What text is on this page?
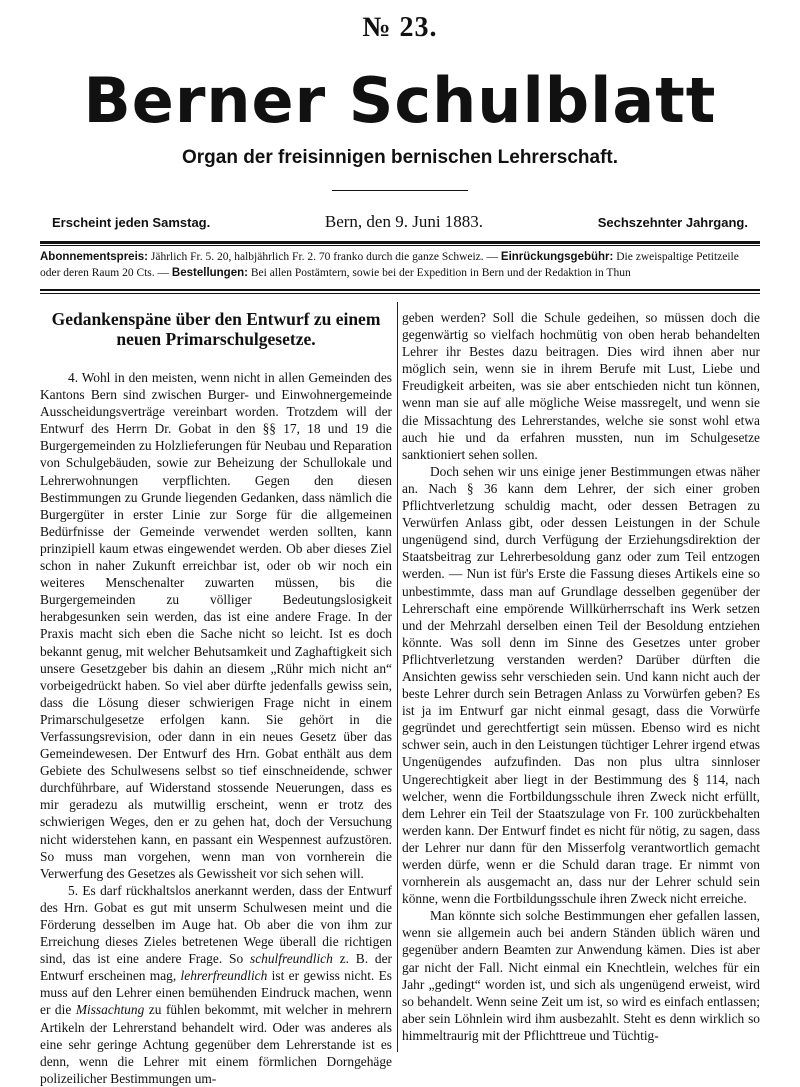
№ 23.
Berner Schulblatt
Organ der freisinnigen bernischen Lehrerschaft.
Erscheint jeden Samstag.	Bern, den 9. Juni 1883.	Sechszehnter Jahrgang.
Abonnementspreis: Jährlich Fr. 5. 20, halbjährlich Fr. 2. 70 franko durch die ganze Schweiz. — Einrückungsgebühr: Die zweispaltige Petitzeile oder deren Raum 20 Cts. — Bestellungen: Bei allen Postämtern, sowie bei der Expedition in Bern und der Redaktion in Thun
Gedankenspäne über den Entwurf zu einem
neuen Primarschulgesetze.

4. Wohl in den meisten, wenn nicht in allen Gemeinden des Kantons Bern sind zwischen Burger- und Einwohnergemeinde Ausscheidungsverträge vereinbart worden. Trotzdem will der Entwurf des Herrn Dr. Gobat in den §§ 17, 18 und 19 die Burgergemeinden zu Holzlieferungen für Neubau und Reparation von Schulgebäuden, sowie zur Beheizung der Schullokale und Lehrerwohnungen verpflichten. Gegen den diesen Bestimmungen zu Grunde liegenden Gedanken, dass nämlich die Burgergüter in erster Linie zur Sorge für die allgemeinen Bedürfnisse der Gemeinde verwendet werden sollten, kann prinzipiell kaum etwas eingewendet werden. Ob aber dieses Ziel schon in naher Zukunft erreichbar ist, oder ob wir noch ein weiteres Menschenalter zuwarten müssen, bis die Burgergemeinden zu völliger Bedeutungslosigkeit herabgesunken sein werden, das ist eine andere Frage. In der Praxis macht sich eben die Sache nicht so leicht. Ist es doch bekannt genug, mit welcher Behutsamkeit und Zaghaftigkeit sich unsere Gesetzgeber bis dahin an diesem „Rühr mich nicht an“ vorbeigedrückt haben. So viel aber dürfte jedenfalls gewiss sein, dass die Lösung dieser schwierigen Frage nicht in einem Primarschulgesetze erfolgen kann. Sie gehört in die Verfassungsrevision, oder dann in ein neues Gesetz über das Gemeindewesen. Der Entwurf des Hrn. Gobat enthält aus dem Gebiete des Schulwesens selbst so tief einschneidende, schwer durchführbare, auf Widerstand stossende Neuerungen, dass es mir geradezu als mutwillig erscheint, wenn er trotz des schwierigen Weges, den er zu gehen hat, doch der Versuchung nicht widerstehen kann, en passant ein Wespennest aufzustören. So muss man vorgehen, wenn man von vornherein die Verwerfung des Gesetzes als Gewissheit vor sich sehen will.

5. Es darf rückhaltslos anerkannt werden, dass der Entwurf des Hrn. Gobat es gut mit unserm Schulwesen meint und die Förderung desselben im Auge hat. Ob aber die von ihm zur Erreichung dieses Zieles betretenen Wege überall die richtigen sind, das ist eine andere Frage. So schulfreundlich z. B. der Entwurf erscheinen mag, lehrerfreundlich ist er gewiss nicht. Es muss auf den Lehrer einen bemühenden Eindruck machen, wenn er die Missachtung zu fühlen bekommt, mit welcher in mehrern Artikeln der Lehrerstand behandelt wird. Oder was anderes als eine sehr geringe Achtung gegenüber dem Lehrerstande ist es denn, wenn die Lehrer mit einem förmlichen Dorngehäge polizeilicher Bestimmungen um-

geben werden? Soll die Schule gedeihen, so müssen doch die gegenwärtig so vielfach hochmütig von oben herab behandelten Lehrer ihr Bestes dazu beitragen. Dies wird ihnen aber nur möglich sein, wenn sie in ihrem Berufe mit Lust, Liebe und Freudigkeit arbeiten, was sie aber entschieden nicht tun können, wenn man sie auf alle mögliche Weise massregelt, und wenn sie die Missachtung des Lehrerstandes, welche sie sonst wohl etwa auch hie und da erfahren mussten, nun im Schulgesetze sanktioniert sehen sollen.

Doch sehen wir uns einige jener Bestimmungen etwas näher an. Nach § 36 kann dem Lehrer, der sich einer groben Pflichtverletzung schuldig macht, oder dessen Betragen zu Verwürfen Anlass gibt, oder dessen Leistungen in der Schule ungenügend sind, durch Verfügung der Erziehungsdirektion der Staatsbeitrag zur Lehrerbesoldung ganz oder zum Teil entzogen werden. — Nun ist für's Erste die Fassung dieses Artikels eine so unbestimmte, dass man auf Grundlage desselben gegenüber der Lehrerschaft eine empörende Willkürherrschaft ins Werk setzen und der Mehrzahl derselben einen Teil der Besoldung entziehen könnte. Was soll denn im Sinne des Gesetzes unter grober Pflichtverletzung verstanden werden? Darüber dürften die Ansichten gewiss sehr verschieden sein. Und kann nicht auch der beste Lehrer durch sein Betragen Anlass zu Vorwürfen geben? Es ist ja im Entwurf gar nicht einmal gesagt, dass die Vorwürfe gegründet und gerechtfertigt sein müssen. Ebenso wird es nicht schwer sein, auch in den Leistungen tüchtiger Lehrer irgend etwas Ungenügendes aufzufinden. Das non plus ultra sinnloser Ungerechtigkeit aber liegt in der Bestimmung des § 114, nach welcher, wenn die Fortbildungsschule ihren Zweck nicht erfüllt, dem Lehrer ein Teil der Staatszulage von Fr. 100 zurückbehalten werden kann. Der Entwurf findet es nicht für nötig, zu sagen, dass der Lehrer nur dann für den Misserfolg verantwortlich gemacht werden dürfe, wenn er die Schuld daran trage. Er nimmt von vornherein als ausgemacht an, dass nur der Lehrer schuld sein könne, wenn die Fortbildungsschule ihren Zweck nicht erreiche.

Man könnte sich solche Bestimmungen eher gefallen lassen, wenn sie allgemein auch bei andern Ständen üblich wären und gegenüber andern Beamten zur Anwendung kämen. Dies ist aber gar nicht der Fall. Nicht einmal ein Knechtlein, welches für ein Jahr „gedingt“ worden ist, und sich als ungenügend erweist, wird so behandelt. Wenn seine Zeit um ist, so wird es einfach entlassen; aber sein Löhnlein wird ihm ausbezahlt. Steht es denn wirklich so himmeltraurig mit der Pflichttreue und Tüchtig-
